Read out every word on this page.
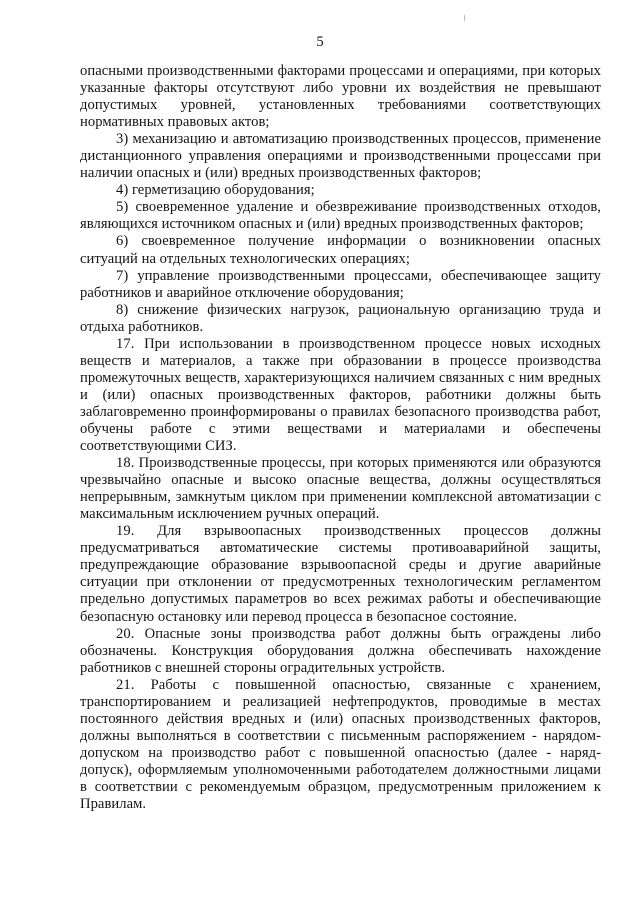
5

опасными производственными факторами процессами и операциями, при которых указанные факторы отсутствуют либо уровни их воздействия не превышают допустимых уровней, установленных требованиями соответствующих нормативных правовых актов;

3) механизацию и автоматизацию производственных процессов, применение дистанционного управления операциями и производственными процессами при наличии опасных и (или) вредных производственных факторов;

4) герметизацию оборудования;

5) своевременное удаление и обезвреживание производственных отходов, являющихся источником опасных и (или) вредных производственных факторов;

6) своевременное получение информации о возникновении опасных ситуаций на отдельных технологических операциях;

7) управление производственными процессами, обеспечивающее защиту работников и аварийное отключение оборудования;

8) снижение физических нагрузок, рациональную организацию труда и отдыха работников.

17. При использовании в производственном процессе новых исходных веществ и материалов, а также при образовании в процессе производства промежуточных веществ, характеризующихся наличием связанных с ним вредных и (или) опасных производственных факторов, работники должны быть заблаговременно проинформированы о правилах безопасного производства работ, обучены работе с этими веществами и материалами и обеспечены соответствующими СИЗ.

18. Производственные процессы, при которых применяются или образуются чрезвычайно опасные и высоко опасные вещества, должны осуществляться непрерывным, замкнутым циклом при применении комплексной автоматизации с максимальным исключением ручных операций.

19. Для взрывоопасных производственных процессов должны предусматриваться автоматические системы противоаварийной защиты, предупреждающие образование взрывоопасной среды и другие аварийные ситуации при отклонении от предусмотренных технологическим регламентом предельно допустимых параметров во всех режимах работы и обеспечивающие безопасную остановку или перевод процесса в безопасное состояние.

20. Опасные зоны производства работ должны быть ограждены либо обозначены. Конструкция оборудования должна обеспечивать нахождение работников с внешней стороны оградительных устройств.

21. Работы с повышенной опасностью, связанные с хранением, транспортированием и реализацией нефтепродуктов, проводимые в местах постоянного действия вредных и (или) опасных производственных факторов, должны выполняться в соответствии с письменным распоряжением - нарядом-допуском на производство работ с повышенной опасностью (далее - наряд-допуск), оформляемым уполномоченными работодателем должностными лицами в соответствии с рекомендуемым образцом, предусмотренным приложением к Правилам.
